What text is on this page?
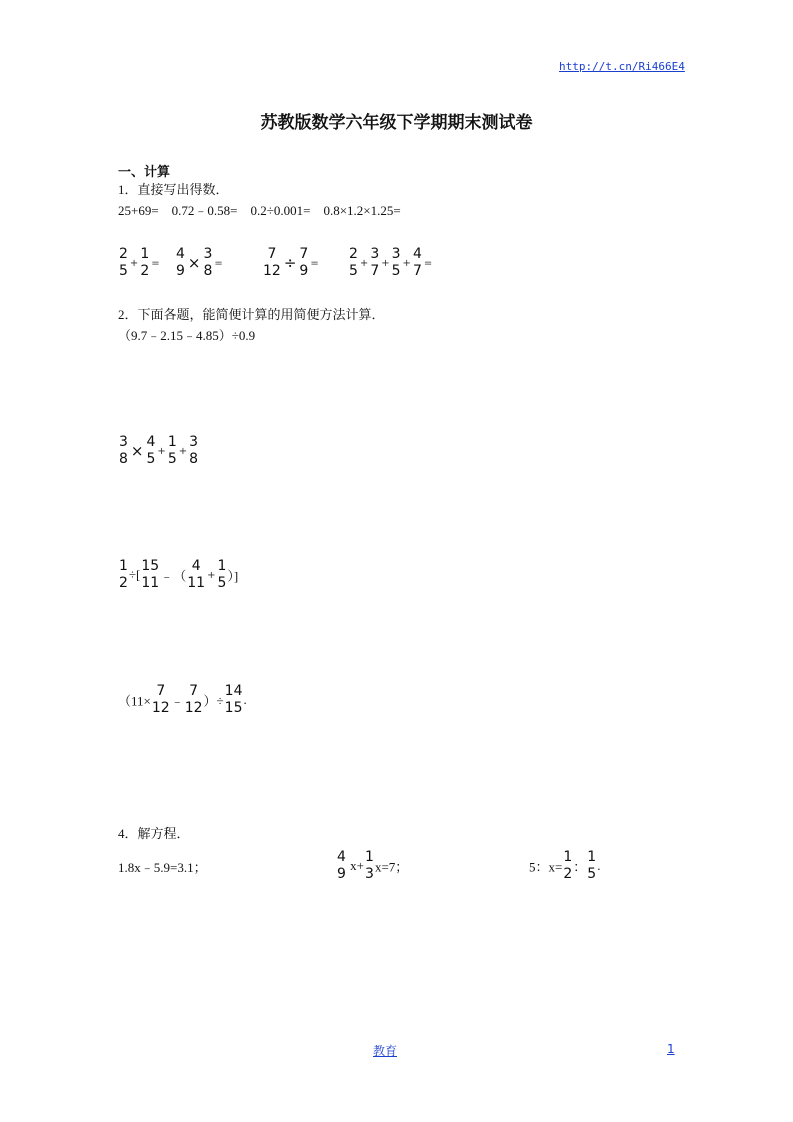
http://t.cn/Ri466E4
苏教版数学六年级下学期期末测试卷
一、计算
1．直接写出得数．
25+69=    0.72﹣0.58=    0.2÷0.001=    0.8×1.2×1.25=
2
5 +
1
2 =
4
9 × 3
8 =
7
12 ÷ 7
9 =
2
5 +
3
7 +
3
5 +
4
7 =
2．下面各题，能简便计算的用简便方法计算．
（9.7﹣2.15﹣4.85）÷0.9
3
8 × 4
5 +
1
5 +
3
8
1
2
÷[
15
11 ﹣（
4
11 +
1
5 ）]
（11×
7
12 ﹣
7
12 ）÷
14
15
.
4．解方程．
1.8x﹣5.9=3.1；
4
9
x+
1
3 x=7；	5：x=
1
2 ：
1
5
.
教育	1
